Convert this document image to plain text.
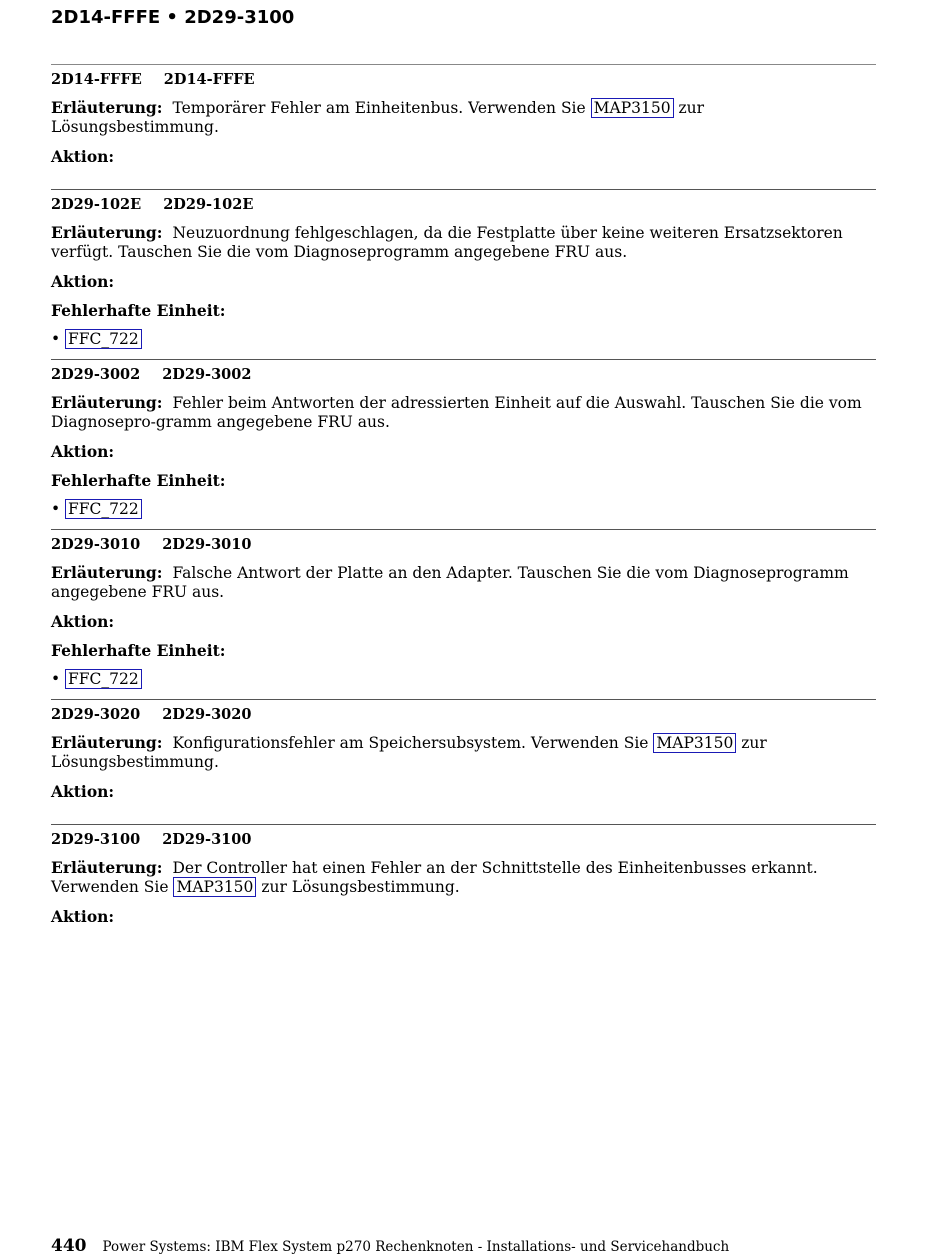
2D14-FFFE • 2D29-3100
2D14-FFFE 2D14-FFFE

Erläuterung: Temporärer Fehler am Einheitenbus. Verwenden Sie MAP3150 zur Lösungsbestimmung.

Aktion:
2D29-102E 2D29-102E

Erläuterung: Neuzuordnung fehlgeschlagen, da die Festplatte über keine weiteren Ersatzsektoren verfügt. Tauschen Sie die vom Diagnoseprogramm angegebene FRU aus.

Aktion:
Fehlerhafte Einheit:
• FFC_722
2D29-3002 2D29-3002

Erläuterung: Fehler beim Antworten der adressierten Einheit auf die Auswahl. Tauschen Sie die vom Diagnosepro-gramm angegebene FRU aus.

Aktion:
Fehlerhafte Einheit:
• FFC_722
2D29-3010 2D29-3010

Erläuterung: Falsche Antwort der Platte an den Adapter. Tauschen Sie die vom Diagnoseprogramm angegebene FRU aus.

Aktion:
Fehlerhafte Einheit:
• FFC_722
2D29-3020 2D29-3020

Erläuterung: Konfigurationsfehler am Speichersubsystem. Verwenden Sie MAP3150 zur Lösungsbestimmung.

Aktion:
2D29-3100 2D29-3100

Erläuterung: Der Controller hat einen Fehler an der Schnittstelle des Einheitenbusses erkannt. Verwenden Sie MAP3150 zur Lösungsbestimmung.

Aktion:
440 Power Systems: IBM Flex System p270 Rechenknoten - Installations- und Servicehandbuch
